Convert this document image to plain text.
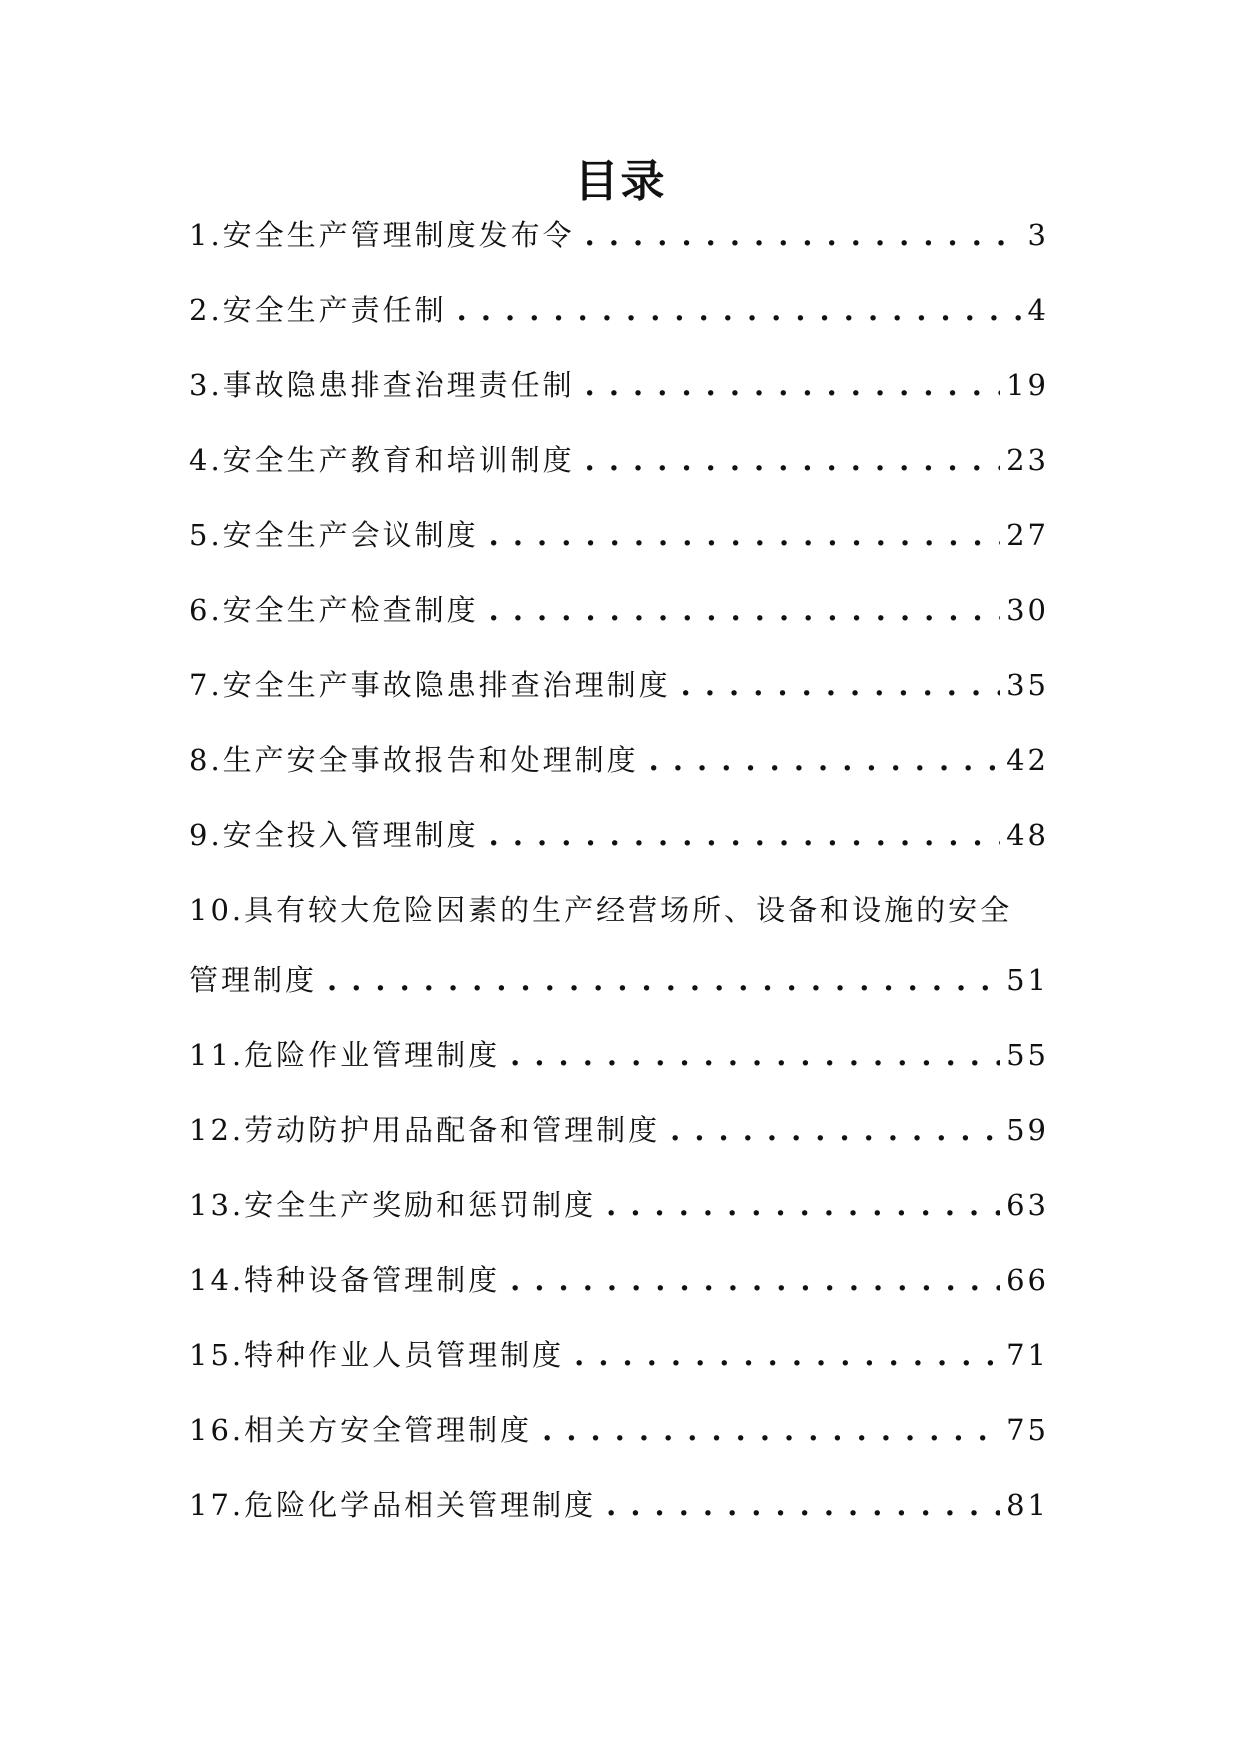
目录
1.安全生产管理制度发布令 . . .	3
2.安全生产责任制 . . .	4
3.事故隐患排查治理责任制 . . .	19
4.安全生产教育和培训制度 . . .	23
5.安全生产会议制度 . . .	27
6.安全生产检查制度 . . .	30
7.安全生产事故隐患排查治理制度 . . .	35
8.生产安全事故报告和处理制度 . . .	42
9.安全投入管理制度 . . .	48
10.具有较大危险因素的生产经营场所、设备和设施的安全
管理制度 . . .	51
11.危险作业管理制度 . . .	55
12.劳动防护用品配备和管理制度 . . .	59
13.安全生产奖励和惩罚制度 . . .	63
14.特种设备管理制度 . . .	66
15.特种作业人员管理制度 . . .	71
16.相关方安全管理制度 . . .	75
17.危险化学品相关管理制度 . . .	81
